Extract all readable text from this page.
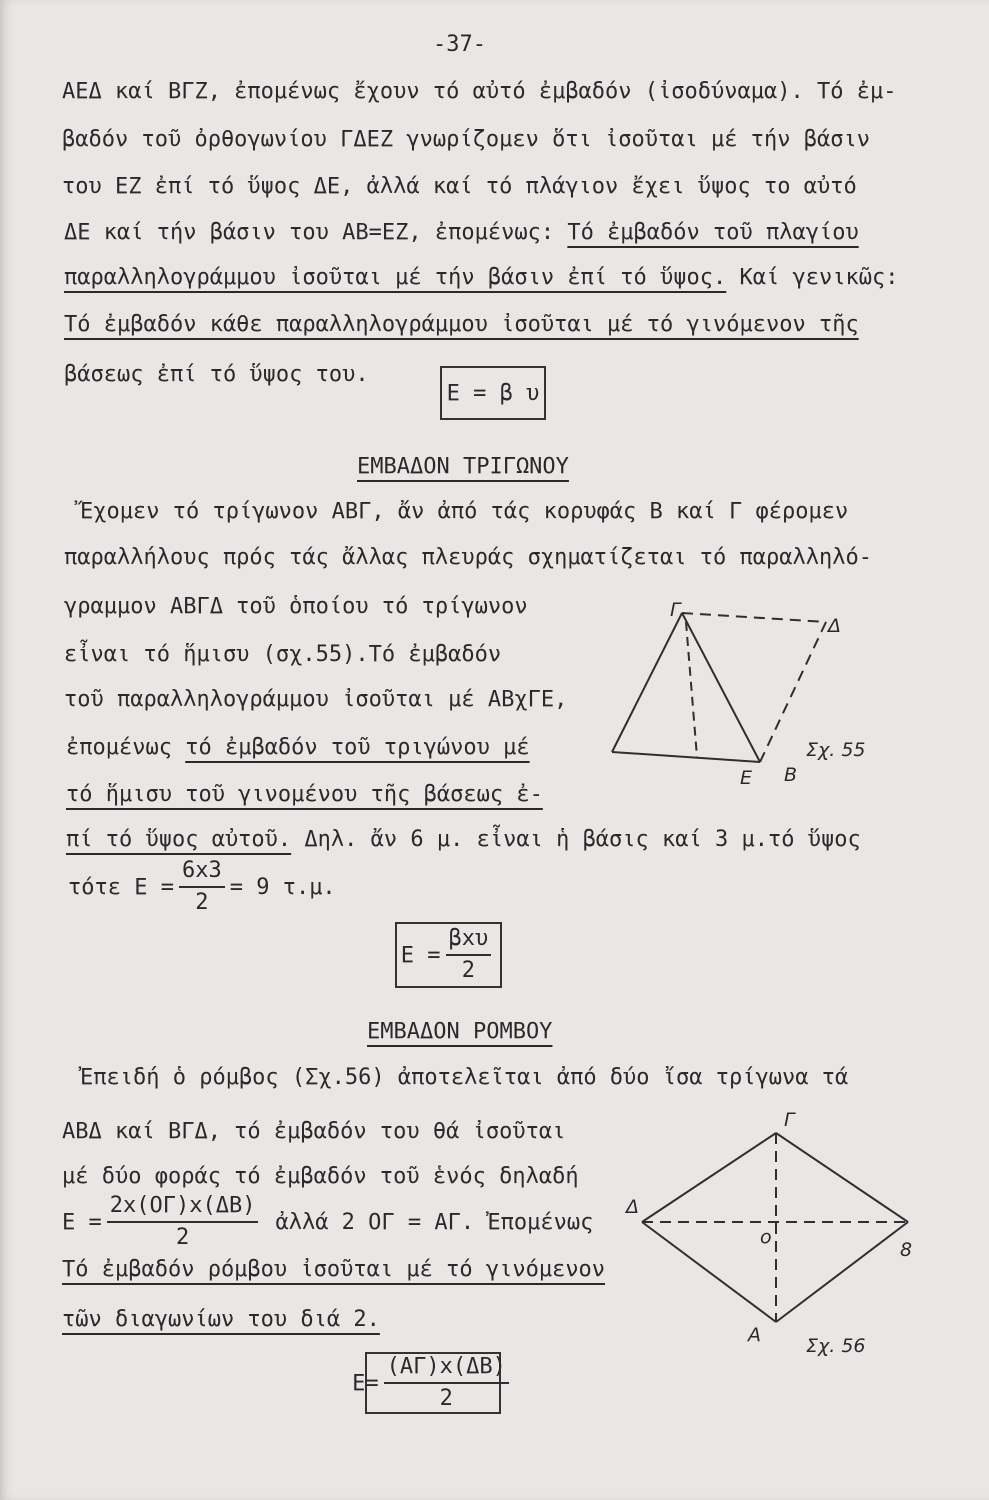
-37-
ΑΕΔ καί ΒΓΖ, ἐπομένως ἔχουν τό αὐτό ἐμβαδόν (ἰσοδύναμα). Τό ἐμ-
βαδόν τοῦ ὀρθογωνίου ΓΔΕΖ γνωρίζομεν ὅτι ἰσοῦται μέ τήν βάσιν
του ΕΖ ἐπί τό ὕψος ΔΕ, ἀλλά καί τό πλάγιον ἔχει ὕψος το αὐτό
ΔΕ καί τήν βάσιν του ΑΒ=ΕΖ, ἐπομένως: Τό ἐμβαδόν τοῦ πλαγίου
παραλληλογράμμου ἰσοῦται μέ τήν βάσιν ἐπί τό ὕψος. Καί γενικῶς:
Τό ἐμβαδόν κάθε παραλληλογράμμου ἰσοῦται μέ τό γινόμενον τῆς
βάσεως ἐπί τό ὕψος του.
Ε = β υ
ΕΜΒΑΔΟΝ ΤΡΙΓΩΝΟΥ
Ἔχομεν τό τρίγωνον ΑΒΓ, ἄν ἀπό τάς κορυφάς Β καί Γ φέρομεν
παραλλήλους πρός τάς ἄλλας πλευράς σχηματίζεται τό παραλληλό-
γραμμον ΑΒΓΔ τοῦ ὁποίου τό τρίγωνον
εἶναι τό ἥμισυ (σχ.55).Τό ἐμβαδόν
τοῦ παραλληλογράμμου ἰσοῦται μέ ΑΒχΓΕ,
ἐπομένως τό ἐμβαδόν τοῦ τριγώνου μέ
τό ἥμισυ τοῦ γινομένου τῆς βάσεως ἐ-
πί τό ὕψος αὐτοῦ. Δηλ. ἄν 6 μ. εἶναι ἡ βάσις καί 3 μ.τό ὕψος
τότε $E = \frac{6x3}{2} = 9$ τ.μ.
$E = \frac{\text{βxυ}}{2}$
ΕΜΒΑΔΟΝ ΡΟΜΒΟΥ
Ἐπειδή ὁ ρόμβος (Σχ.56) ἀποτελεῖται ἀπό δύο ἴσα τρίγωνα τά
ΑΒΔ καί ΒΓΔ, τό ἐμβαδόν του θά ἰσοῦται
μέ δύο φοράς τό ἐμβαδόν τοῦ ἑνός δηλαδή
$E = \frac{2x(O\Gamma)x(\Delta B)}{2}$ ἀλλά 2 ΟΓ = ΑΓ. Ἐπομένως
Τό ἐμβαδόν ρόμβου ἰσοῦται μέ τό γινόμενον
τῶν διαγωνίων του διά 2.
$E= \frac{(A\Gamma)x(\Delta B)}{2}$
Γ
Δ
Ε Β
Σχ. 55
Γ
Δ
ο
8
Α Σχ. 56
